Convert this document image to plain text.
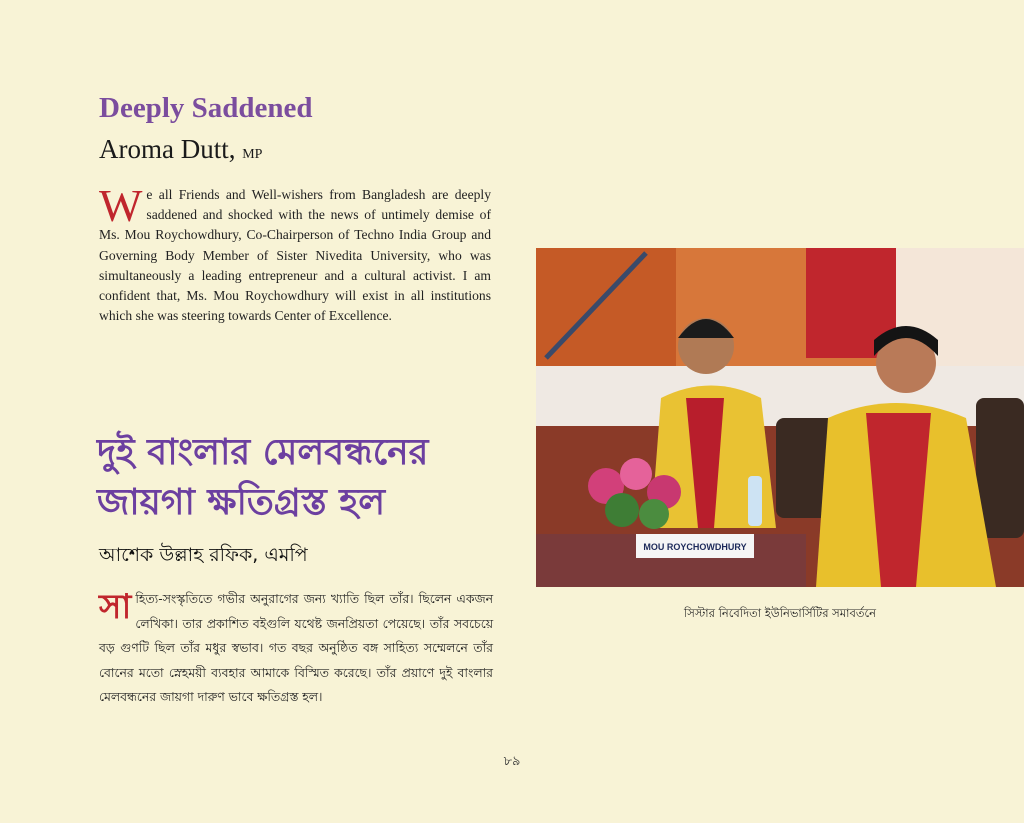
Deeply Saddened
Aroma Dutt, MP

We all Friends and Well-wishers from Bangladesh are deeply saddened and shocked with the news of untimely demise of Ms. Mou Roychowdhury, Co-Chairperson of Techno India Group and Governing Body Member of Sister Nivedita University, who was simultaneously a leading entrepreneur and a cultural activist. I am confident that, Ms. Mou Roychowdhury will exist in all institutions which she was steering towards Center of Excellence.

দুই বাংলার মেলবন্ধনের জায়গা ক্ষতিগ্রস্ত হল
আশেক উল্লাহ রফিক, এমপি

সাহিত্য-সংস্কৃতিতে গভীর অনুরাগের জন্য খ্যাতি ছিল তাঁর। ছিলেন একজন লেখিকা। তার প্রকাশিত বইগুলি যথেষ্ট জনপ্রিয়তা পেয়েছে। তাঁর সবচেয়ে বড় গুণটি ছিল তাঁর মধুর স্বভাব। গত বছর অনুষ্ঠিত বঙ্গ সাহিত্য সম্মেলনে তাঁর বোনের মতো স্নেহময়ী ব্যবহার আমাকে বিস্মিত করেছে। তাঁর প্রয়াণে দুই বাংলার মেলবন্ধনের জায়গা দারুণ ভাবে ক্ষতিগ্রস্ত হল।

MOU ROYCHOWDHURY
সিস্টার নিবেদিতা ইউনিভার্সিটির সমাবর্তনে
৮৯
